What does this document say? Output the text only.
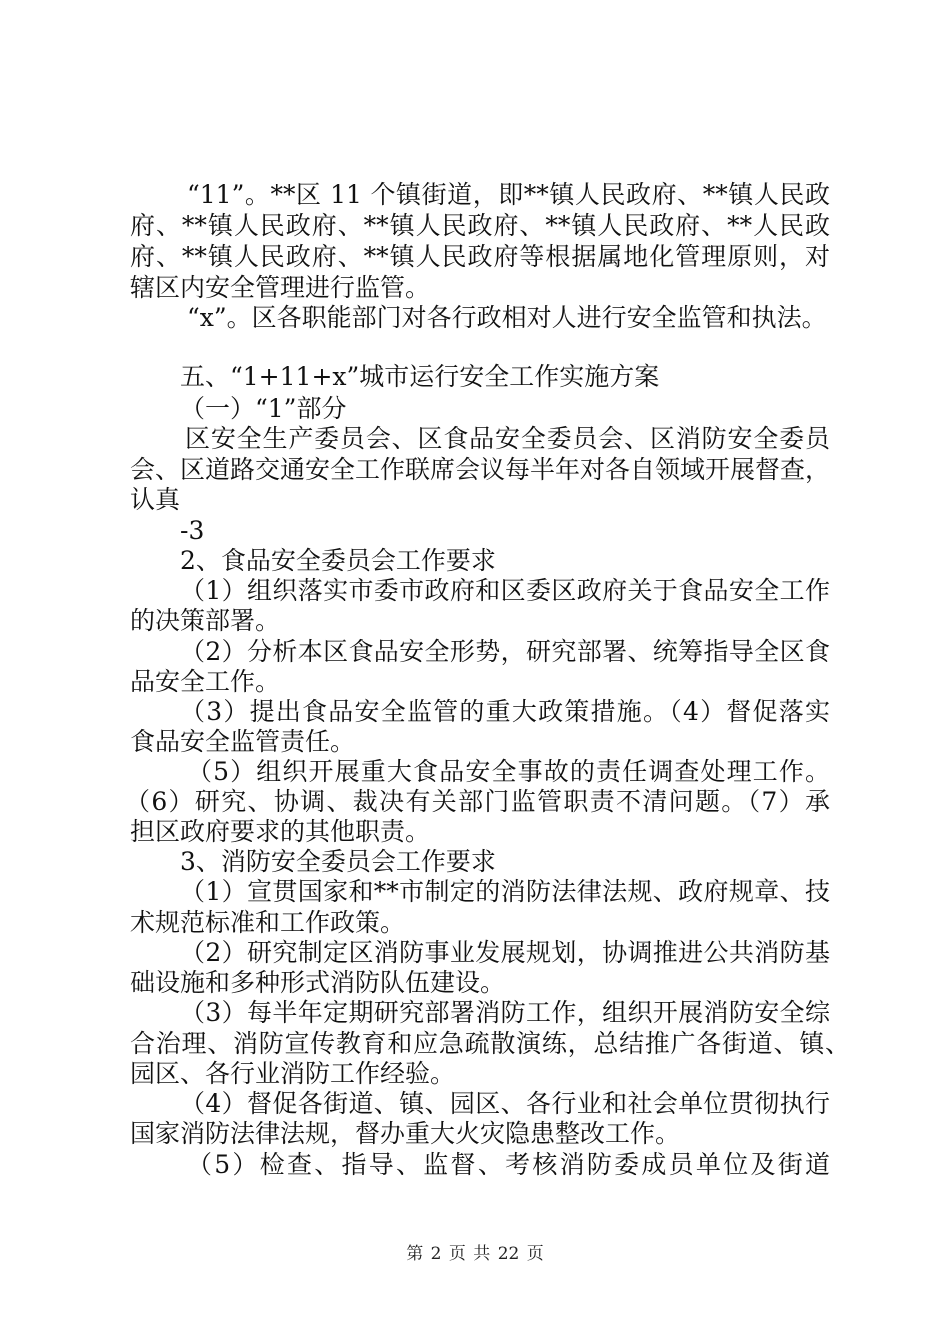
“11”。**区 11 个镇街道，即**镇人民政府、**镇人民政
府、**镇人民政府、**镇人民政府、**镇人民政府、**人民政
府、**镇人民政府、**镇人民政府等根据属地化管理原则，对
辖区内安全管理进行监管。
“x”。区各职能部门对各行政相对人进行安全监管和执法。
五、“1+11+x”城市运行安全工作实施方案
（一）“1”部分
区安全生产委员会、区食品安全委员会、区消防安全委员
会、区道路交通安全工作联席会议每半年对各自领域开展督查，
认真
-3
2、食品安全委员会工作要求
（1）组织落实市委市政府和区委区政府关于食品安全工作
的决策部署。
（2）分析本区食品安全形势，研究部署、统筹指导全区食
品安全工作。
（3）提出食品安全监管的重大政策措施。（4）督促落实
食品安全监管责任。
（5）组织开展重大食品安全事故的责任调查处理工作。
（6）研究、协调、裁决有关部门监管职责不清问题。（7）承
担区政府要求的其他职责。
3、消防安全委员会工作要求
（1）宣贯国家和**市制定的消防法律法规、政府规章、技
术规范标准和工作政策。
（2）研究制定区消防事业发展规划，协调推进公共消防基
础设施和多种形式消防队伍建设。
（3）每半年定期研究部署消防工作，组织开展消防安全综
合治理、消防宣传教育和应急疏散演练，总结推广各街道、镇、
园区、各行业消防工作经验。
（4）督促各街道、镇、园区、各行业和社会单位贯彻执行
国家消防法律法规，督办重大火灾隐患整改工作。
（5）检查、指导、监督、考核消防委成员单位及街道
第 2 页 共 22 页
